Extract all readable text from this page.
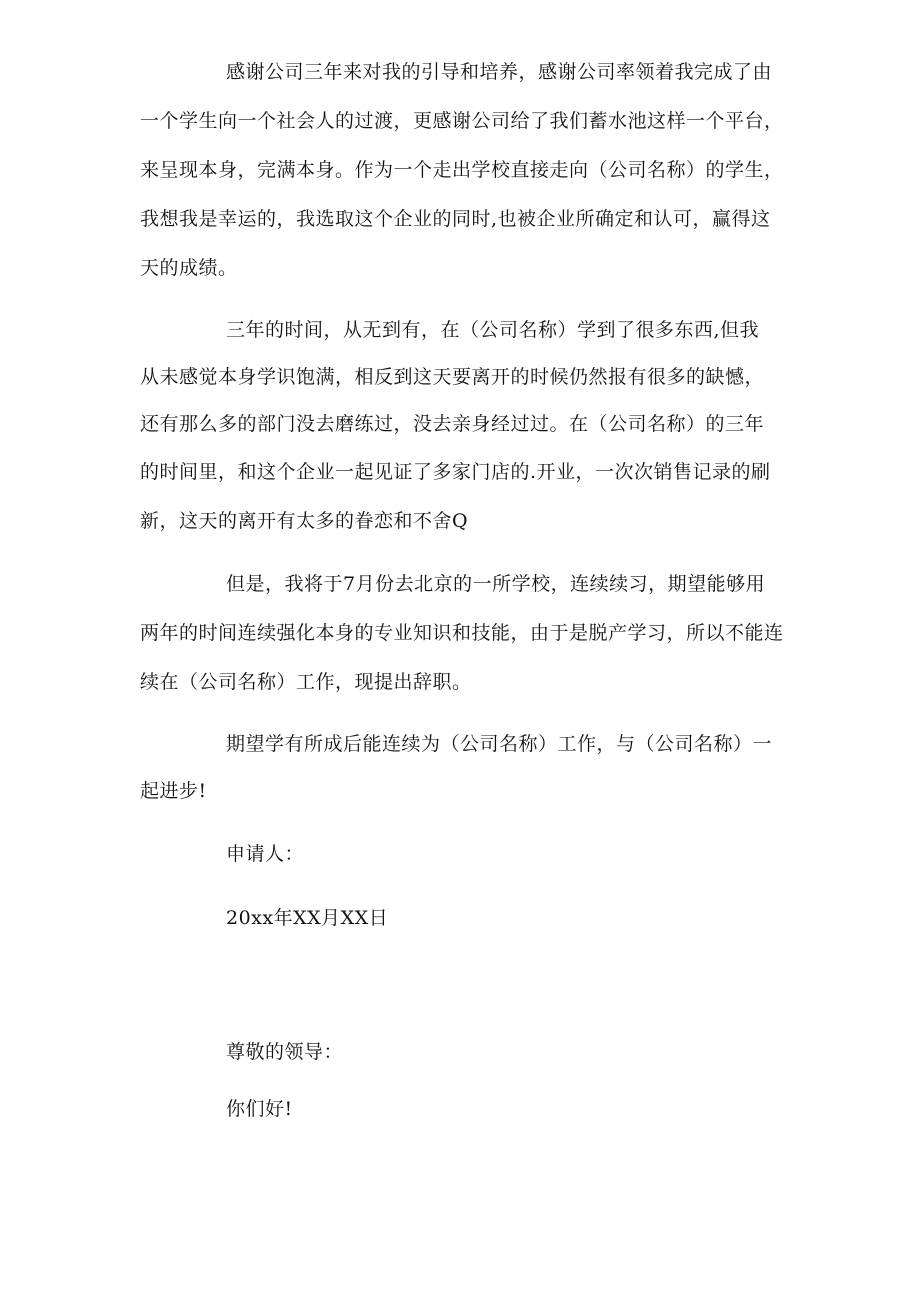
感谢公司三年来对我的引导和培养，感谢公司率领着我完成了由
一个学生向一个社会人的过渡，更感谢公司给了我们蓄水池这样一个平台，
来呈现本身，完满本身。作为一个走出学校直接走向（公司名称）的学生，
我想我是幸运的，我选取这个企业的同时,也被企业所确定和认可，赢得这
天的成绩。
三年的时间，从无到有，在（公司名称）学到了很多东西,但我
从未感觉本身学识饱满，相反到这天要离开的时候仍然报有很多的缺憾，
还有那么多的部门没去磨练过，没去亲身经过过。在（公司名称）的三年
的时间里，和这个企业一起见证了多家门店的.开业，一次次销售记录的刷
新，这天的离开有太多的眷恋和不舍Q
但是，我将于7月份去北京的一所学校，连续续习，期望能够用
两年的时间连续强化本身的专业知识和技能，由于是脱产学习，所以不能连
续在（公司名称）工作，现提出辞职。
期望学有所成后能连续为（公司名称）工作，与（公司名称）一
起进步!
申请人：
20xx年XX月XX日
尊敬的领导：
你们好!
